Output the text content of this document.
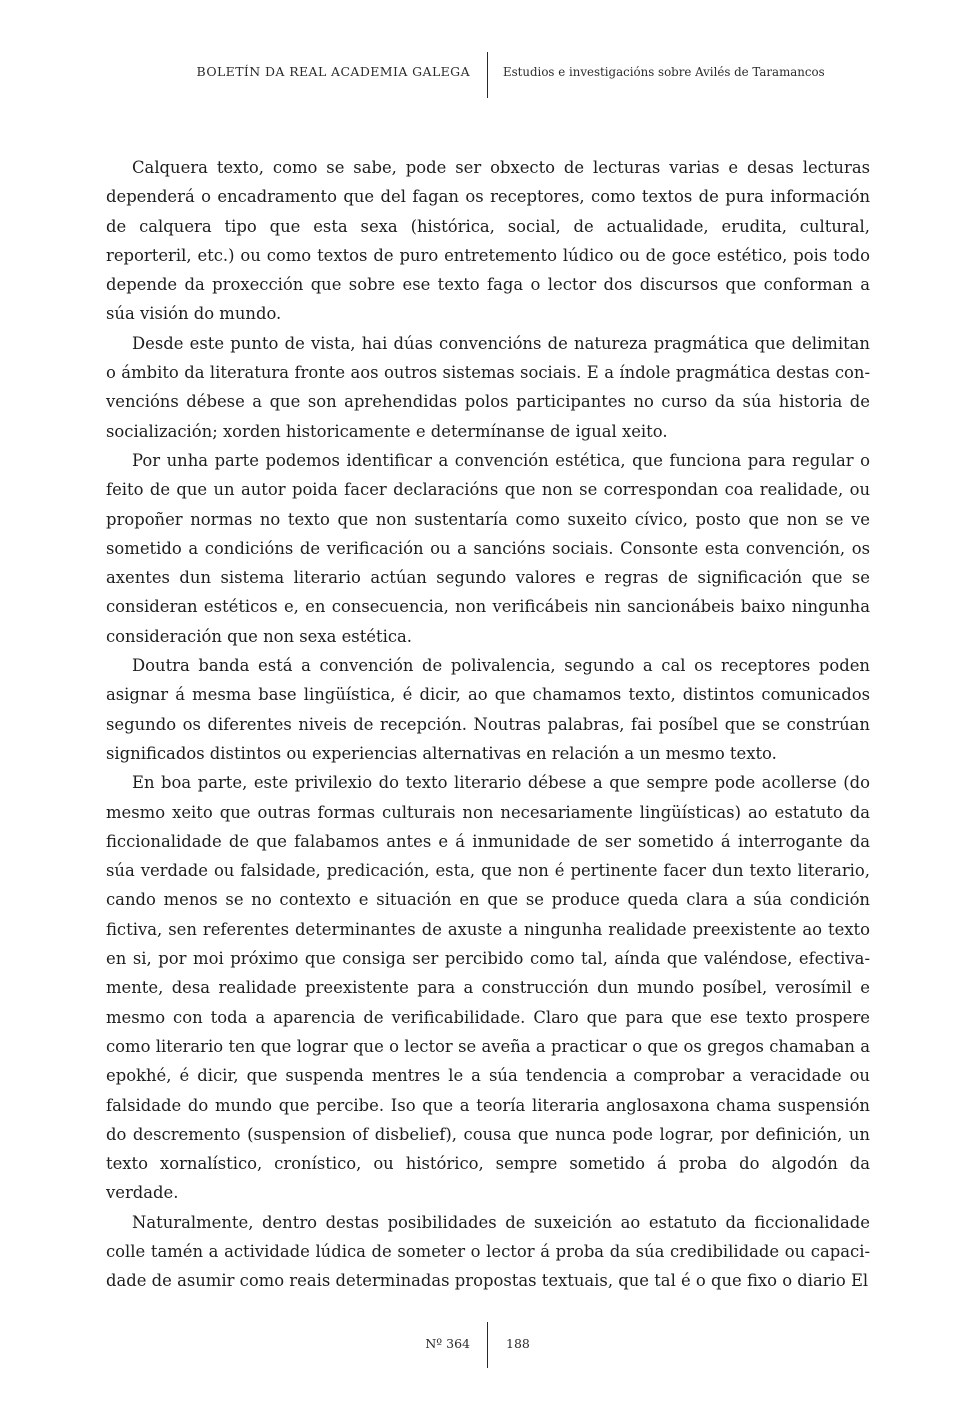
BOLETÍN DA REAL ACADEMIA GALEGA	Estudios e investigacións sobre Avilés de Taramancos

Calquera texto, como se sabe, pode ser obxecto de lecturas varias e desas lecturas dependerá o encadramento que del fagan os receptores, como textos de pura información de calquera tipo que esta sexa (histórica, social, de actualidade, erudita, cultural, reporteril, etc.) ou como textos de puro entretemento lúdico ou de goce estético, pois todo depende da proxección que sobre ese texto faga o lector dos discursos que conforman a súa visión do mundo.

Desde este punto de vista, hai dúas convencións de natureza pragmática que delimitan o ámbito da literatura fronte aos outros sistemas sociais. E a índole pragmática destas convencións débese a que son aprehendidas polos participantes no curso da súa historia de socialización; xorden historicamente e determínanse de igual xeito.

Por unha parte podemos identificar a convención estética, que funciona para regular o feito de que un autor poida facer declaracións que non se correspondan coa realidade, ou propoñer normas no texto que non sustentaría como suxeito cívico, posto que non se ve sometido a condicións de verificación ou a sancións sociais. Consonte esta convención, os axentes dun sistema literario actúan segundo valores e regras de significación que se consideran estéticos e, en consecuencia, non verificábeis nin sancionábeis baixo ningunha consideración que non sexa estética.

Doutra banda está a convención de polivalencia, segundo a cal os receptores poden asignar á mesma base lingüística, é dicir, ao que chamamos texto, distintos comunicados segundo os diferentes niveis de recepción. Noutras palabras, fai posíbel que se constrúan significados distintos ou experiencias alternativas en relación a un mesmo texto.

En boa parte, este privilexio do texto literario débese a que sempre pode acollerse (do mesmo xeito que outras formas culturais non necesariamente lingüísticas) ao estatuto da ficcionalidade de que falabamos antes e á inmunidade de ser sometido á interrogante da súa verdade ou falsidade, predicación, esta, que non é pertinente facer dun texto literario, cando menos se no contexto e situación en que se produce queda clara a súa condición fictiva, sen referentes determinantes de axuste a ningunha realidade preexistente ao texto en si, por moi próximo que consiga ser percibido como tal, aínda que valéndose, efectivamente, desa realidade preexistente para a construcción dun mundo posíbel, verosímil e mesmo con toda a aparencia de verificabilidade. Claro que para que ese texto prospere como literario ten que lograr que o lector se aveña a practicar o que os gregos chamaban a epokhé, é dicir, que suspenda mentres le a súa tendencia a comprobar a veracidade ou falsidade do mundo que percibe. Iso que a teoría literaria anglosaxona chama suspensión do descremento (suspension of disbelief), cousa que nunca pode lograr, por definición, un texto xornalístico, cronístico, ou histórico, sempre sometido á proba do algodón da verdade.

Naturalmente, dentro destas posibilidades de suxeición ao estatuto da ficcionalidade colle tamén a actividade lúdica de someter o lector á proba da súa credibilidade ou capacidade de asumir como reais determinadas propostas textuais, que tal é o que fixo o diario El

Nº 364	188
